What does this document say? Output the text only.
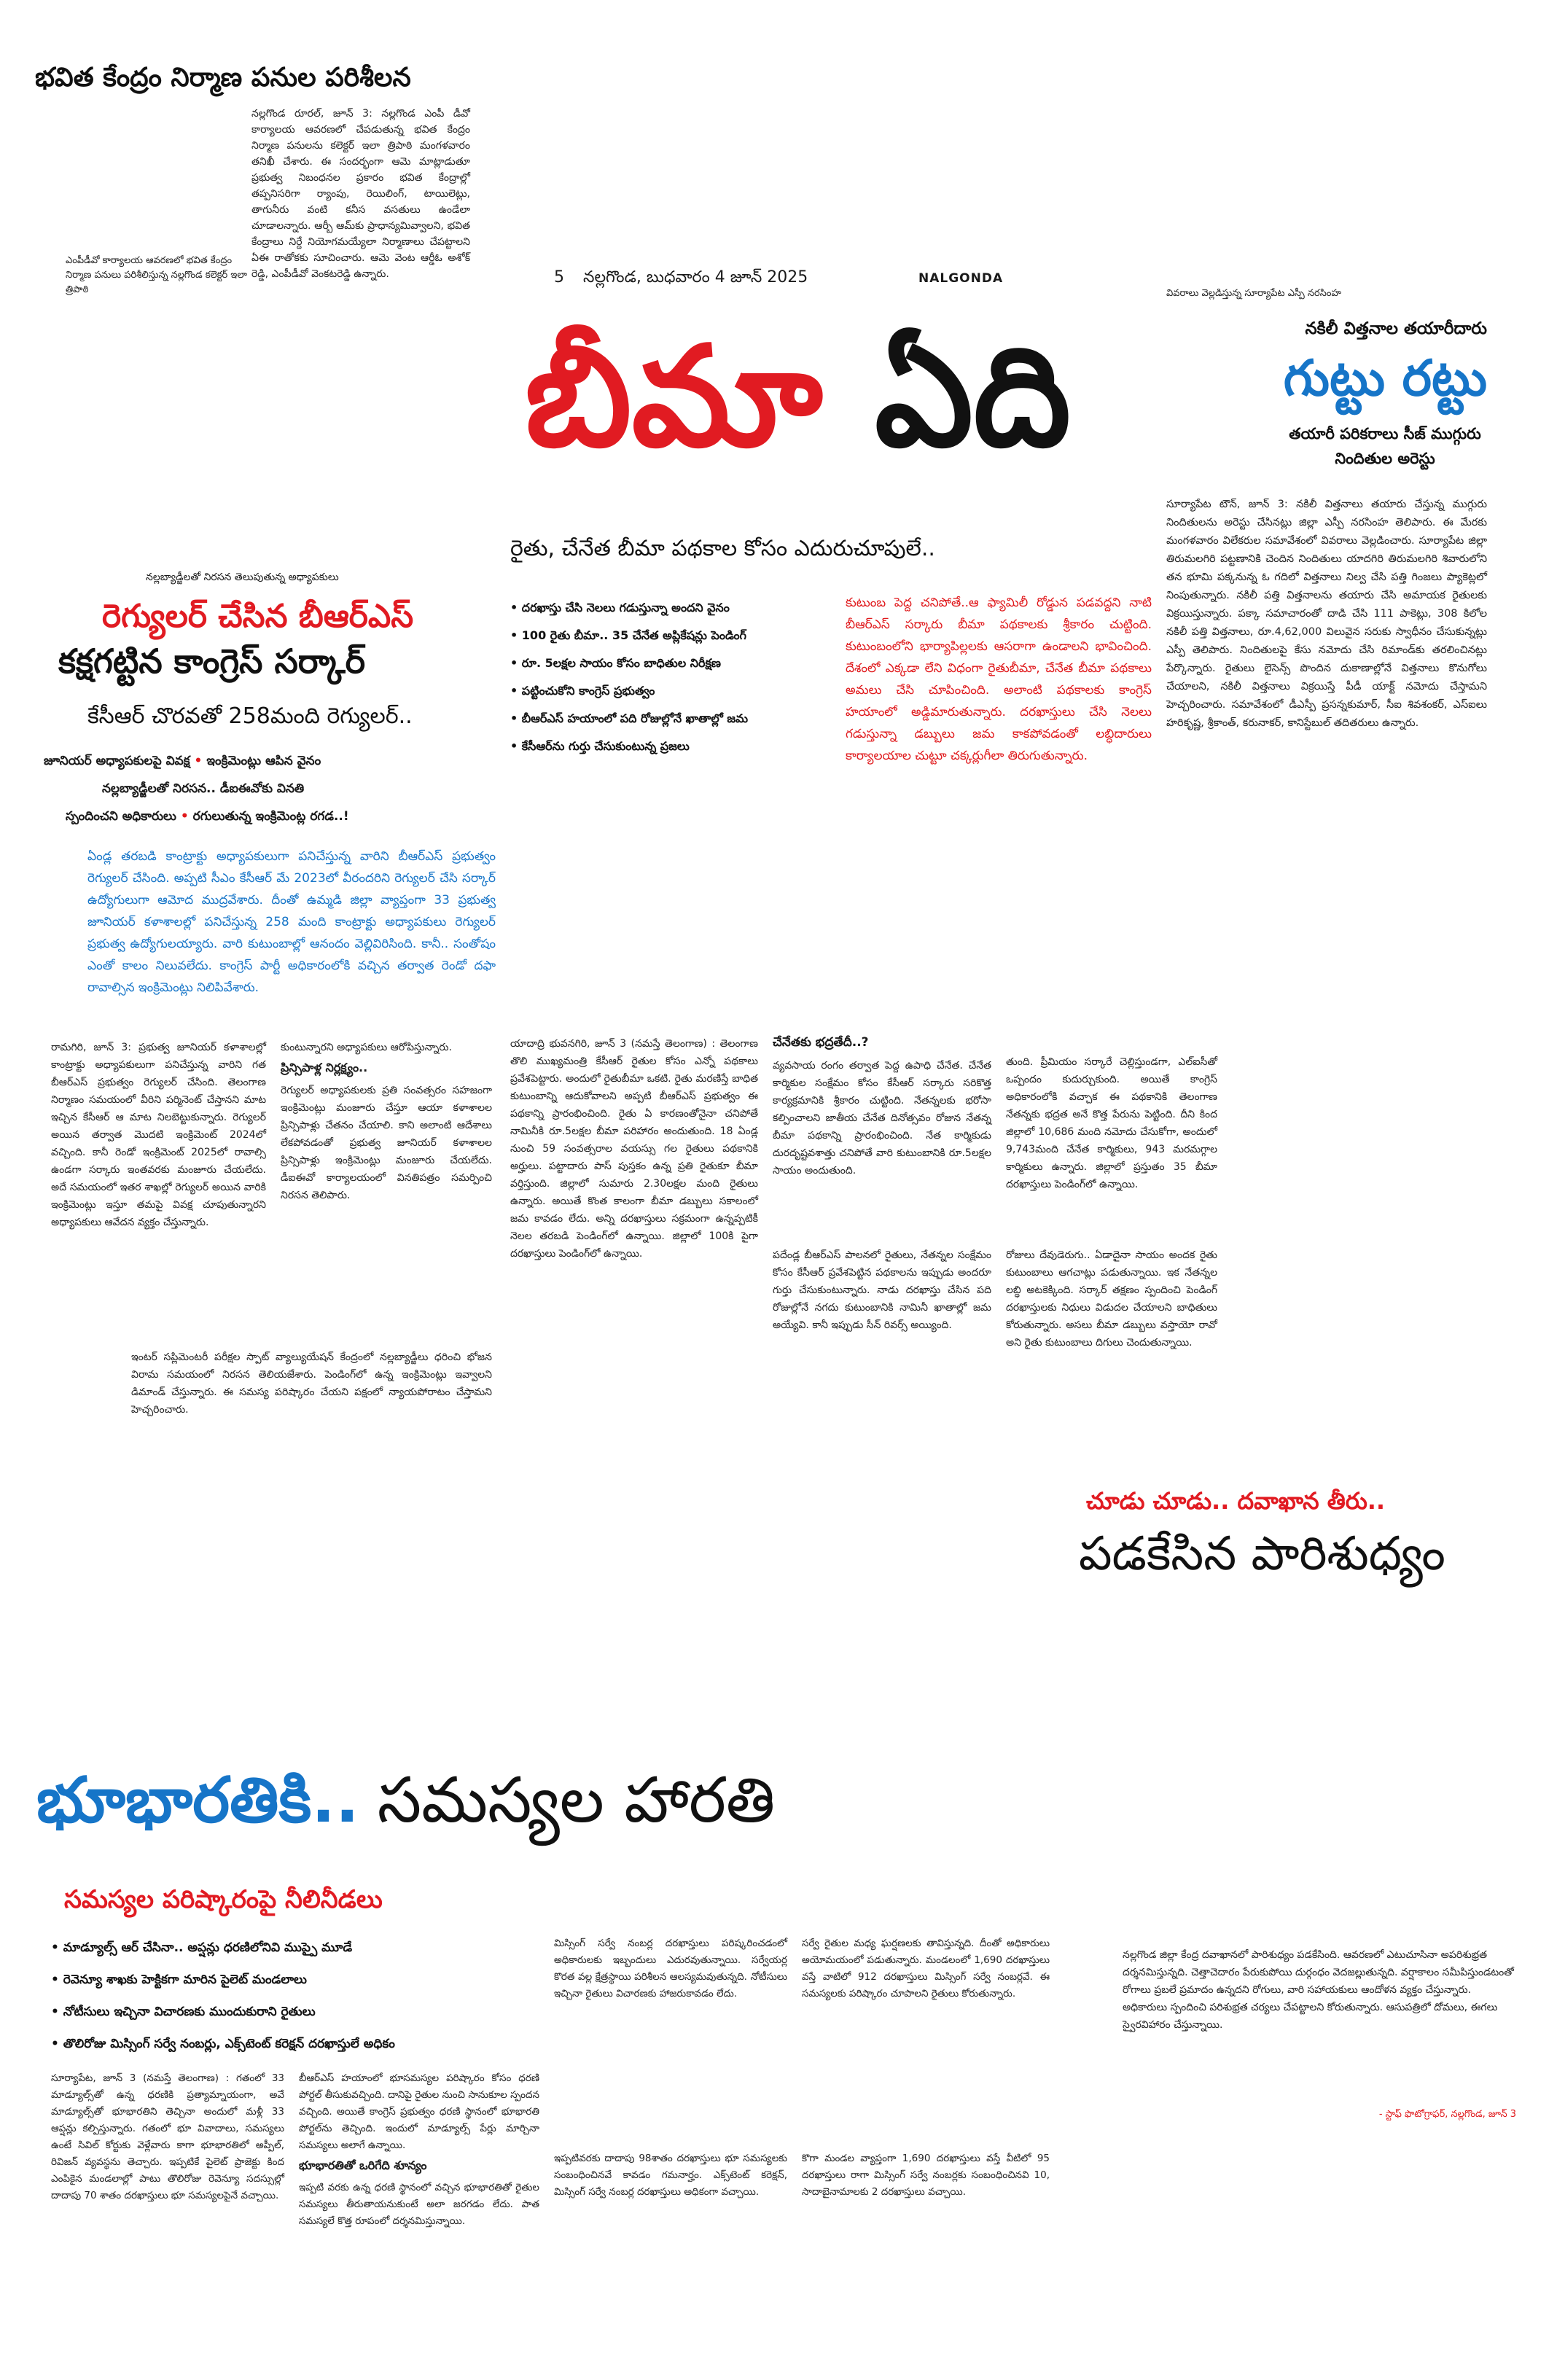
భవిత కేంద్రం నిర్మాణ పనుల పరిశీలన
ఎంపీడీవో కార్యాలయ ఆవరణలో భవిత కేంద్రం నిర్మాణ పనులు పరిశీలిస్తున్న నల్లగొండ కలెక్టర్ ఇలా త్రిపాఠి
నల్లగొండ రూరల్, జూన్ 3: నల్లగొండ ఎంపీ డీవో కార్యాలయ ఆవరణలో చేపడుతున్న భవిత కేంద్రం నిర్మాణ పనులను కలెక్టర్ ఇలా త్రిపాఠి మంగళవారం తనిఖీ చేశారు. ఈ సందర్భంగా ఆమె మాట్లాడుతూ ప్రభుత్వ నిబంధనల ప్రకారం భవిత కేంద్రాల్లో తప్పనిసరిగా ర్యాంపు, రెయిలింగ్, టాయిలెట్లు, తాగునీరు వంటి కనీస వసతులు ఉండేలా చూడాలన్నారు. ఆర్బీ ఆమ్‌కు ప్రాధాన్యమివ్వాలని, భవిత కేంద్రాలు నిర్దే నియోగమయ్యేలా నిర్మాణాలు చేపట్టాలని ఏఈ రాతోకకు సూచించారు. ఆమె వెంట ఆర్డీఓ అశోక్ రెడ్డి, ఎంపీడీవో వెంకటరెడ్డి ఉన్నారు.	5 నల్లగొండ, బుధవారం 4 జూన్ 2025	NALGONDA
బీమా ఏది
రైతు, చేనేత బీమా పథకాల కోసం ఎదురుచూపులే..
• దరఖాస్తు చేసి నెలలు గడుస్తున్నా అందని వైనం
• 100 రైతు బీమా.. 35 చేనేత అప్లికేషన్లు పెండింగ్
• రూ. 5లక్షల సాయం కోసం బాధితుల నిరీక్షణ
• పట్టించుకోని కాంగ్రెస్ ప్రభుత్వం
• బీఆర్ఎస్ హయాంలో పది రోజుల్లోనే ఖాతాల్లో జమ
• కేసీఆర్‌ను గుర్తు చేసుకుంటున్న ప్రజలు
కుటుంబ పెద్ద చనిపోతే..ఆ ఫ్యామిలీ రోడ్డున పడవద్దని నాటి బీఆర్ఎస్ సర్కారు బీమా పథకాలకు శ్రీకారం చుట్టింది. కుటుంబంలోని భార్యాపిల్లలకు ఆసరాగా ఉండాలని భావించింది. దేశంలో ఎక్కడా లేని విధంగా రైతుబీమా, చేనేత బీమా పథకాలు అమలు చేసి చూపించింది. అలాంటి పథకాలకు కాంగ్రెస్ హయాంలో అడ్డిమారుతున్నారు. దరఖాస్తులు చేసి నెలలు గడుస్తున్నా డబ్బులు జమ కాకపోవడంతో లబ్ధిదారులు కార్యాలయాల చుట్టూ చక్కర్లుగీలా తిరుగుతున్నారు.
యాదాద్రి భువనగిరి, జూన్ 3 (నమస్తే తెలంగాణ) : తెలంగాణ తొలి ముఖ్యమంత్రి కేసీఆర్ రైతుల కోసం ఎన్నో పథకాలు ప్రవేశపెట్టారు. అందులో రైతుబీమా ఒకటి. రైతు మరణిస్తే బాధిత కుటుంబాన్ని ఆదుకోవాలని అప్పటి బీఆర్ఎస్ ప్రభుత్వం ఈ పథకాన్ని ప్రారంభించింది. రైతు ఏ కారణంతోనైనా చనిపోతే నామినీకి రూ.5లక్షల బీమా పరిహారం అందుతుంది. 18 ఏండ్ల నుంచి 59 సంవత్సరాల వయస్సు గల రైతులు పథకానికి అర్హులు. పట్టాదారు పాస్ పుస్తకం ఉన్న ప్రతి రైతుకూ బీమా వర్తిస్తుంది. జిల్లాలో సుమారు 2.30లక్షల మంది రైతులు ఉన్నారు. అయితే కొంత కాలంగా బీమా డబ్బులు సకాలంలో జమ కావడం లేదు. అన్ని దరఖాస్తులు సక్రమంగా ఉన్నప్పటికీ నెలల తరబడి పెండింగ్‌లో ఉన్నాయి. జిల్లాలో 100కి పైగా దరఖాస్తులు పెండింగ్‌లో ఉన్నాయి.
చేనేతకు భద్రతేదీ..?
వ్యవసాయ రంగం తర్వాత పెద్ద ఉపాధి చేనేత. చేనేత కార్మికుల సంక్షేమం కోసం కేసీఆర్ సర్కారు సరికొత్త కార్యక్రమానికి శ్రీకారం చుట్టింది. నేతన్నలకు భరోసా కల్పించాలని జాతీయ చేనేత దినోత్సవం రోజున నేతన్న బీమా పథకాన్ని ప్రారంభించింది. నేత కార్మికుడు దురదృష్టవశాత్తు చనిపోతే వారి కుటుంబానికి రూ.5లక్షల సాయం అందుతుంది.
తుంది. ప్రీమియం సర్కారే చెల్లిస్తుండగా, ఎల్ఐసీతో ఒప్పందం కుదుర్చుకుంది. అయితే కాంగ్రెస్ అధికారంలోకి వచ్చాక ఈ పథకానికి తెలంగాణ నేతన్నకు భద్రత అనే కొత్త పేరును పెట్టింది. దీని కింద జిల్లాలో 10,686 మంది నమోదు చేసుకోగా, అందులో 9,743మంది చేనేత కార్మికులు, 943 మరమగ్గాల కార్మికులు ఉన్నారు. జిల్లాలో ప్రస్తుతం 35 బీమా దరఖాస్తులు పెండింగ్‌లో ఉన్నాయి.
పదేండ్ల బీఆర్ఎస్ పాలనలో రైతులు, నేతన్నల సంక్షేమం కోసం కేసీఆర్ ప్రవేశపెట్టిన పథకాలను ఇప్పుడు అందరూ గుర్తు చేసుకుంటున్నారు. నాడు దరఖాస్తు చేసిన పది రోజుల్లోనే నగదు కుటుంబానికి నామినీ ఖాతాల్లో జమ అయ్యేవి. కానీ ఇప్పుడు సీన్ రివర్స్ అయ్యింది.
రోజులు దేవుడెరుగు.. ఏడాదైనా సాయం అందక రైతు కుటుంబాలు ఆగచాట్లు పడుతున్నాయి. ఇక నేతన్నల లబ్ధి అటకెక్కింది. సర్కార్ తక్షణం స్పందించి పెండింగ్ దరఖాస్తులకు నిధులు విడుదల చేయాలని బాధితులు కోరుతున్నారు. అసలు బీమా డబ్బులు వస్తాయో రావో అని రైతు కుటుంబాలు దిగులు చెందుతున్నాయి.
వివరాలు వెల్లడిస్తున్న సూర్యాపేట ఎస్పీ నరసింహ
నకిలీ విత్తనాల తయారీదారు
గుట్టు రట్టు
తయారీ పరికరాలు సీజ్ ముగ్గురు నిందితుల అరెస్టు
సూర్యాపేట టౌన్, జూన్ 3: నకిలీ విత్తనాలు తయారు చేస్తున్న ముగ్గురు నిందితులను అరెస్టు చేసినట్లు జిల్లా ఎస్పీ నరసింహ తెలిపారు. ఈ మేరకు మంగళవారం విలేకరుల సమావేశంలో వివరాలు వెల్లడించారు. సూర్యాపేట జిల్లా తిరుమలగిరి పట్టణానికి చెందిన నిందితులు యాదగిరి తిరుమలగిరి శివారులోని తన భూమి పక్కనున్న ఓ గదిలో విత్తనాలు నిల్వ చేసి పత్తి గింజలు ప్యాకెట్లలో నింపుతున్నారు. నకిలీ పత్తి విత్తనాలను తయారు చేసి అమాయక రైతులకు విక్రయిస్తున్నారు. పక్కా సమాచారంతో దాడి చేసి 111 పాకెట్లు, 308 కిలోల నకిలీ పత్తి విత్తనాలు, రూ.4,62,000 విలువైన సరుకు స్వాధీనం చేసుకున్నట్లు ఎస్పీ తెలిపారు. నిందితులపై కేసు నమోదు చేసి రిమాండ్‌కు తరలించినట్లు పేర్కొన్నారు. రైతులు లైసెన్స్ పొందిన దుకాణాల్లోనే విత్తనాలు కొనుగోలు చేయాలని, నకిలీ విత్తనాలు విక్రయిస్తే పీడీ యాక్ట్ నమోదు చేస్తామని హెచ్చరించారు. సమావేశంలో డీఎస్పీ ప్రసన్నకుమార్, సీఐ శివశంకర్, ఎస్ఐలు హరికృష్ణ, శ్రీకాంత్, కరునాకర్, కానిస్టేబుల్ తదితరులు ఉన్నారు.
నల్లబ్యాడ్జీలతో నిరసన తెలుపుతున్న అధ్యాపకులు
రెగ్యులర్ చేసిన బీఆర్ఎస్
కక్షగట్టిన కాంగ్రెస్ సర్కార్
కేసీఆర్ చొరవతో 258మంది రెగ్యులర్..
జూనియర్ అధ్యాపకులపై వివక్ష • ఇంక్రిమెంట్లు ఆపిన వైనం
నల్లబ్యాడ్జీలతో నిరసన.. డీఐఈవోకు వినతి
స్పందించని అధికారులు • రగులుతున్న ఇంక్రిమెంట్ల రగడ..!
ఏండ్ల తరబడి కాంట్రాక్టు అధ్యాపకులుగా పనిచేస్తున్న వారిని బీఆర్ఎస్ ప్రభుత్వం రెగ్యులర్ చేసింది. అప్పటి సీఎం కేసీఆర్ మే 2023లో వీరందరిని రెగ్యులర్ చేసి సర్కార్ ఉద్యోగులుగా ఆమోద ముద్రవేశారు. దీంతో ఉమ్మడి జిల్లా వ్యాప్తంగా 33 ప్రభుత్వ జూనియర్ కళాశాలల్లో పనిచేస్తున్న 258 మంది కాంట్రాక్టు అధ్యాపకులు రెగ్యులర్ ప్రభుత్వ ఉద్యోగులయ్యారు. వారి కుటుంబాల్లో ఆనందం వెల్లివిరిసింది. కానీ.. సంతోషం ఎంతో కాలం నిలువలేదు. కాంగ్రెస్ పార్టీ అధికారంలోకి వచ్చిన తర్వాత రెండో దఫా రావాల్సిన ఇంక్రిమెంట్లు నిలిపివేశారు.
రామగిరి, జూన్ 3: ప్రభుత్వ జూనియర్ కళాశాలల్లో కాంట్రాక్టు అధ్యాపకులుగా పనిచేస్తున్న వారిని గత బీఆర్ఎస్ ప్రభుత్వం రెగ్యులర్ చేసింది. తెలంగాణ నిర్మాణం సమయంలో వీరిని పర్మినెంట్ చేస్తానని మాట ఇచ్చిన కేసీఆర్ ఆ మాట నిలబెట్టుకున్నారు. రెగ్యులర్ అయిన తర్వాత మొదటి ఇంక్రిమెంట్ 2024లో వచ్చింది. కానీ రెండో ఇంక్రిమెంట్ 2025లో రావాల్సి ఉండగా సర్కారు ఇంతవరకు మంజూరు చేయలేదు. అదే సమయంలో ఇతర శాఖల్లో రెగ్యులర్ అయిన వారికి ఇంక్రిమెంట్లు ఇస్తూ తమపై వివక్ష చూపుతున్నారని అధ్యాపకులు ఆవేదన వ్యక్తం చేస్తున్నారు.
కుంటున్నారని అధ్యాపకులు ఆరోపిస్తున్నారు.
ప్రిన్సిపాళ్ల నిర్లక్ష్యం..
రెగ్యులర్ అధ్యాపకులకు ప్రతి సంవత్సరం సహజంగా ఇంక్రిమెంట్లు మంజూరు చేస్తూ ఆయా కళాశాలల ప్రిన్సిపాళ్లు చేతనం చేయాలి. కాని అలాంటి ఆదేశాలు లేకపోవడంతో ప్రభుత్వ జూనియర్ కళాశాలల ప్రిన్సిపాళ్లు ఇంక్రిమెంట్లు మంజూరు చేయలేదు. డీఐఈవో కార్యాలయంలో వినతిపత్రం సమర్పించి నిరసన తెలిపారు.
ఇంటర్ సప్లిమెంటరీ పరీక్షల స్పాట్ వ్యాల్యుయేషన్ కేంద్రంలో నల్లబ్యాడ్జీలు ధరించి భోజన విరామ సమయంలో నిరసన తెలియజేశారు. పెండింగ్‌లో ఉన్న ఇంక్రిమెంట్లు ఇవ్వాలని డిమాండ్ చేస్తున్నారు. ఈ సమస్య పరిష్కారం చేయని పక్షంలో న్యాయపోరాటం చేస్తామని హెచ్చరించారు.
చూడు చూడు.. దవాఖాన తీరు..
పడకేసిన పారిశుధ్యం
నల్లగొండ జిల్లా కేంద్ర దవాఖానలో పారిశుధ్యం పడకేసింది. ఆవరణలో ఎటుచూసినా అపరిశుభ్రత దర్శనమిస్తున్నది. చెత్తాచెదారం పేరుకుపోయి దుర్గంధం వెదజల్లుతున్నది. వర్షాకాలం సమీపిస్తుండటంతో రోగాలు ప్రబలే ప్రమాదం ఉన్నదని రోగులు, వారి సహాయకులు ఆందోళన వ్యక్తం చేస్తున్నారు. అధికారులు స్పందించి పరిశుభ్రత చర్యలు చేపట్టాలని కోరుతున్నారు. ఆసుపత్రిలో దోమలు, ఈగలు స్వైరవిహారం చేస్తున్నాయి.
- స్టాఫ్ ఫొటోగ్రాఫర్, నల్లగొండ, జూన్ 3
భూభారతికి.. సమస్యల హారతి
సమస్యల పరిష్కారంపై నీలినీడలు
• మాడ్యూల్స్ ఆర్ చేసినా.. అప్షన్లు ధరణిలోనివి ముప్పై మూడే
• రెవెన్యూ శాఖకు హెక్టికగా మారిన పైలెట్ మండలాలు
• నోటీసులు ఇచ్చినా విచారణకు ముందుకురాని రైతులు
• తొలిరోజు మిస్సింగ్ సర్వే నంబర్లు, ఎక్స్‌టెంట్ కరెక్షన్ దరఖాస్తులే అధికం
సూర్యాపేట, జూన్ 3 (నమస్తే తెలంగాణ) : గతంలో 33 మాడ్యూల్స్‌తో ఉన్న ధరణికి ప్రత్యామ్నాయంగా, అవే మాడ్యూల్స్‌తో భూభారతిని తెచ్చినా అందులో మళ్లీ 33 ఆప్షన్లు కల్పిస్తున్నారు. గతంలో భూ వివాదాలు, సమస్యలు ఉంటే సివిల్ కోర్టుకు వెళ్లేవారు కాగా భూభారతిలో అప్పీల్, రివిజన్ వ్యవస్థను తెచ్చారు. ఇప్పటికే పైలెట్ ప్రాజెక్టు కింద ఎంపికైన మండలాల్లో పాటు తొలిరోజు రెవెన్యూ సదస్సుల్లో దాదాపు 70 శాతం దరఖాస్తులు భూ సమస్యలపైనే వచ్చాయి.
బీఆర్ఎస్ హయాంలో భూసమస్యల పరిష్కారం కోసం ధరణి పోర్టల్ తీసుకువచ్చింది. దానిపై రైతుల నుంచి సానుకూల స్పందన వచ్చింది. అయితే కాంగ్రెస్ ప్రభుత్వం ధరణి స్థానంలో భూభారతి పోర్టల్‌ను తెచ్చింది. ఇందులో మాడ్యూల్స్ పేర్లు మార్చినా సమస్యలు అలాగే ఉన్నాయి.
భూభారతితో ఒరిగేది శూన్యం
ఇప్పటి వరకు ఉన్న ధరణి స్థానంలో వచ్చిన భూభారతితో రైతుల సమస్యలు తీరుతాయనుకుంటే అలా జరగడం లేదు. పాత సమస్యలే కొత్త రూపంలో దర్శనమిస్తున్నాయి.
మిస్సింగ్ సర్వే నంబర్ల దరఖాస్తులు పరిష్కరించడంలో అధికారులకు ఇబ్బందులు ఎదురవుతున్నాయి. సర్వేయర్ల కొరత వల్ల క్షేత్రస్థాయి పరిశీలన ఆలస్యమవుతున్నది. నోటీసులు ఇచ్చినా రైతులు విచారణకు హాజరుకావడం లేదు.
ఇప్పటివరకు దాదాపు 98శాతం దరఖాస్తులు భూ సమస్యలకు సంబంధించినవే కావడం గమనార్హం. ఎక్స్‌టెంట్ కరెక్షన్, మిస్సింగ్ సర్వే నంబర్ల దరఖాస్తులు అధికంగా వచ్చాయి.
సర్వే రైతుల మధ్య ఘర్షణలకు తావిస్తున్నది. దీంతో అధికారులు అయోమయంలో పడుతున్నారు. మండలంలో 1,690 దరఖాస్తులు వస్తే వాటిలో 912 దరఖాస్తులు మిస్సింగ్ సర్వే నంబర్లవే. ఈ సమస్యలకు పరిష్కారం చూపాలని రైతులు కోరుతున్నారు.
కొగా మండల వ్యాప్తంగా 1,690 దరఖాస్తులు వస్తే వీటిలో 95 దరఖాస్తులు రాగా మిస్సింగ్ సర్వే నంబర్లకు సంబంధించినవి 10, సాదాబైనామాలకు 2 దరఖాస్తులు వచ్చాయి.
